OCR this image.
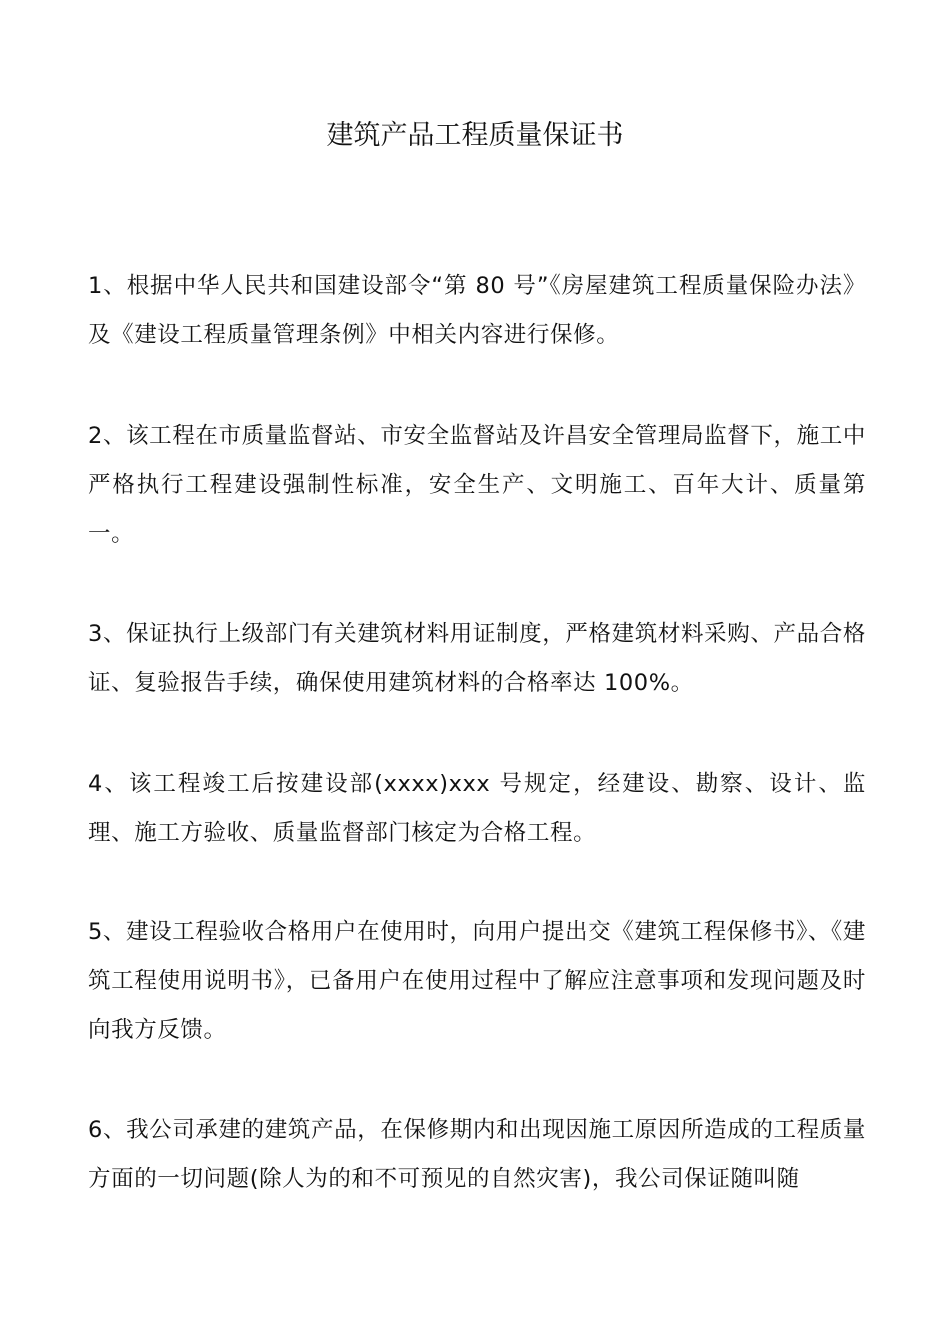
建筑产品工程质量保证书

1、根据中华人民共和国建设部令“第 80 号”《房屋建筑工程质量保险办法》及《建设工程质量管理条例》中相关内容进行保修。

2、该工程在市质量监督站、市安全监督站及许昌安全管理局监督下，施工中严格执行工程建设强制性标准，安全生产、文明施工、百年大计、质量第一。

3、保证执行上级部门有关建筑材料用证制度，严格建筑材料采购、产品合格证、复验报告手续，确保使用建筑材料的合格率达 100%。

4、该工程竣工后按建设部(xxxx)xxx 号规定，经建设、勘察、设计、监理、施工方验收、质量监督部门核定为合格工程。

5、建设工程验收合格用户在使用时，向用户提出交《建筑工程保修书》、《建筑工程使用说明书》，已备用户在使用过程中了解应注意事项和发现问题及时向我方反馈。

6、我公司承建的建筑产品，在保修期内和出现因施工原因所造成的工程质量方面的一切问题(除人为的和不可预见的自然灾害)，我公司保证随叫随
